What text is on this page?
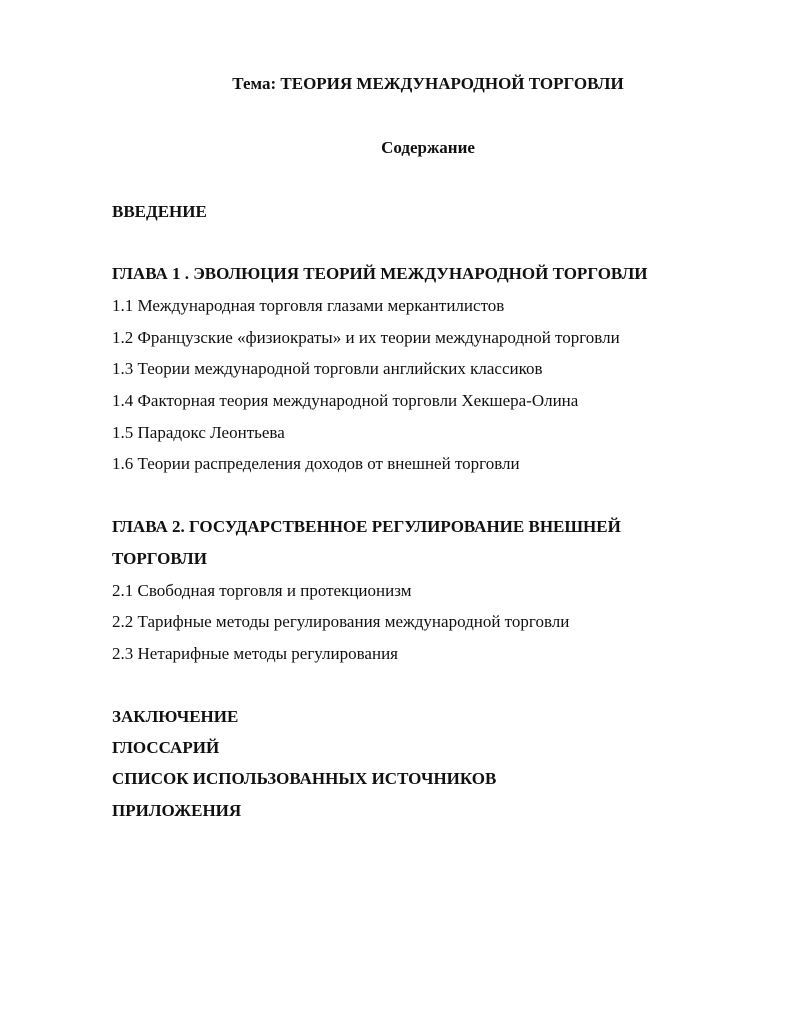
Тема: ТЕОРИЯ МЕЖДУНАРОДНОЙ ТОРГОВЛИ
Содержание
ВВЕДЕНИЕ
ГЛАВА 1 . ЭВОЛЮЦИЯ ТЕОРИЙ МЕЖДУНАРОДНОЙ ТОРГОВЛИ
1.1 Международная торговля глазами меркантилистов
1.2 Французские «физиократы» и их теории международной торговли
1.3 Теории международной торговли английских классиков
1.4 Факторная теория международной торговли Хекшера-Олина
1.5 Парадокс Леонтьева
1.6 Теории распределения доходов от внешней торговли
ГЛАВА 2. ГОСУДАРСТВЕННОЕ РЕГУЛИРОВАНИЕ ВНЕШНЕЙ
ТОРГОВЛИ
2.1 Свободная торговля и протекционизм
2.2 Тарифные методы регулирования международной торговли
2.3 Нетарифные методы регулирования
ЗАКЛЮЧЕНИЕ
ГЛОССАРИЙ
СПИСОК ИСПОЛЬЗОВАННЫХ ИСТОЧНИКОВ
ПРИЛОЖЕНИЯ
